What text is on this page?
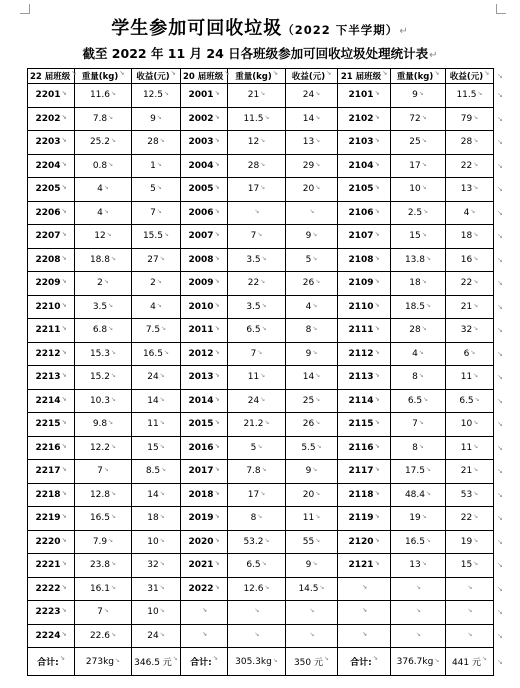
学生参加可回收垃圾（2022 下半学期）↵
截至 2022 年 11 月 24 日各班级参加可回收垃圾处理统计表↵
22 届班级↘	重量(kg)↘	收益(元)↘	20 届班级↘	重量(kg)↘	收益(元)↘	21 届班级↘	重量(kg)↘	收益(元)↘
2201↘	11.6↘	12.5↘	2001↘	21↘	24↘	2101↘	9↘	11.5↘
2202↘	7.8↘	9↘	2002↘	11.5↘	14↘	2102↘	72↘	79↘
2203↘	25.2↘	28↘	2003↘	12↘	13↘	2103↘	25↘	28↘
2204↘	0.8↘	1↘	2004↘	28↘	29↘	2104↘	17↘	22↘
2205↘	4↘	5↘	2005↘	17↘	20↘	2105↘	10↘	13↘
2206↘	4↘	7↘	2006↘	↘	↘	2106↘	2.5↘	4↘
2207↘	12↘	15.5↘	2007↘	7↘	9↘	2107↘	15↘	18↘
2208↘	18.8↘	27↘	2008↘	3.5↘	5↘	2108↘	13.8↘	16↘
2209↘	2↘	2↘	2009↘	22↘	26↘	2109↘	18↘	22↘
2210↘	3.5↘	4↘	2010↘	3.5↘	4↘	2110↘	18.5↘	21↘
2211↘	6.8↘	7.5↘	2011↘	6.5↘	8↘	2111↘	28↘	32↘
2212↘	15.3↘	16.5↘	2012↘	7↘	9↘	2112↘	4↘	6↘
2213↘	15.2↘	24↘	2013↘	11↘	14↘	2113↘	8↘	11↘
2214↘	10.3↘	14↘	2014↘	24↘	25↘	2114↘	6.5↘	6.5↘
2215↘	9.8↘	11↘	2015↘	21.2↘	26↘	2115↘	7↘	10↘
2216↘	12.2↘	15↘	2016↘	5↘	5.5↘	2116↘	8↘	11↘
2217↘	7↘	8.5↘	2017↘	7.8↘	9↘	2117↘	17.5↘	21↘
2218↘	12.8↘	14↘	2018↘	17↘	20↘	2118↘	48.4↘	53↘
2219↘	16.5↘	18↘	2019↘	8↘	11↘	2119↘	19↘	22↘
2220↘	7.9↘	10↘	2020↘	53.2↘	55↘	2120↘	16.5↘	19↘
2221↘	23.8↘	32↘	2021↘	6.5↘	9↘	2121↘	13↘	15↘
2222↘	16.1↘	31↘	2022↘	12.6↘	14.5↘	↘	↘	↘
2223↘	7↘	10↘	↘	↘	↘	↘	↘	↘
2224↘	22.6↘	24↘	↘	↘	↘	↘	↘	↘
合计:↘	273kg↘	346.5 元↘	合计:↘	305.3kg↘	350 元↘	合计:↘	376.7kg↘	441 元↘
↘
↘
↘
↘
↘
↘
↘
↘
↘
↘
↘
↘
↘
↘
↘
↘
↘
↘
↘
↘
↘
↘
↘
↘
↘
↘
